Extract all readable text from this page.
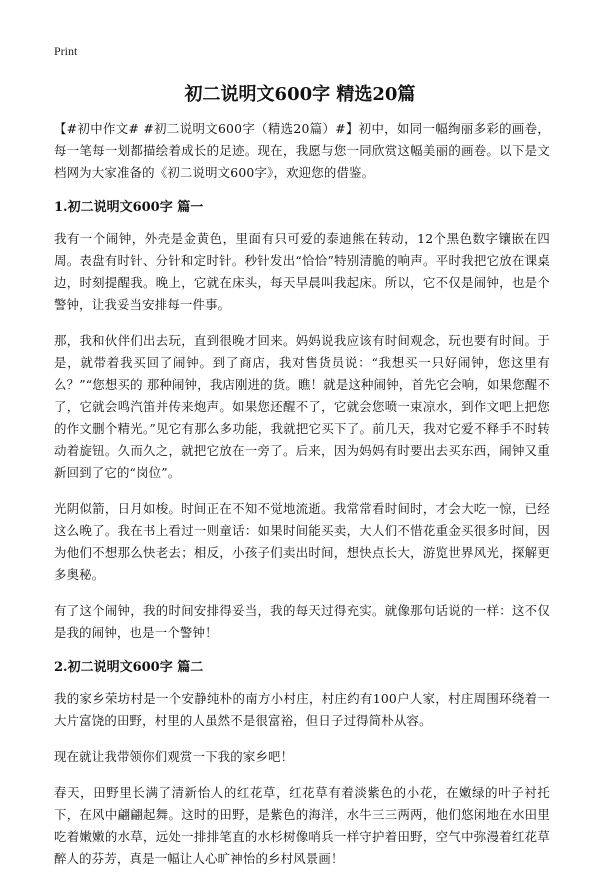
Print
初二说明文600字 精选20篇

【#初中作文# #初二说明文600字（精选20篇）#】初中，如同一幅绚丽多彩的画卷，每一笔每一划都描绘着成长的足迹。现在，我愿与您一同欣赏这幅美丽的画卷。以下是文档网为大家准备的《初二说明文600字》，欢迎您的借鉴。

1.初二说明文600字 篇一

我有一个闹钟，外壳是金黄色，里面有只可爱的泰迪熊在转动，12个黑色数字镶嵌在四周。表盘有时针、分针和定时针。秒针发出“恰恰”特别清脆的响声。平时我把它放在课桌边，时刻提醒我。晚上，它就在床头，每天早晨叫我起床。所以，它不仅是闹钟，也是个警钟，让我妥当安排每一件事。

那，我和伙伴们出去玩，直到很晚才回来。妈妈说我应该有时间观念，玩也要有时间。于是，就带着我买回了闹钟。到了商店，我对售货员说：“我想买一只好闹钟，您这里有么？”“您想买的 那种闹钟，我店刚进的货。瞧！就是这种闹钟，首先它会响，如果您醒不了，它就会鸣汽笛并传来炮声。如果您还醒不了，它就会您喷一束凉水，到作文吧上把您的作文删个精光。”见它有那么多功能，我就把它买下了。前几天，我对它爱不释手不时转动着旋钮。久而久之，就把它放在一旁了。后来，因为妈妈有时要出去买东西，闹钟又重新回到了它的“岗位”。

光阴似箭，日月如梭。时间正在不知不觉地流逝。我常常看时间时，才会大吃一惊，已经这么晚了。我在书上看过一则童话：如果时间能买卖，大人们不惜花重金买很多时间，因为他们不想那么快老去；相反，小孩子们卖出时间，想快点长大，游览世界风光，探解更多奥秘。

有了这个闹钟，我的时间安排得妥当，我的每天过得充实。就像那句话说的一样：这不仅是我的闹钟，也是一个警钟！

2.初二说明文600字 篇二

我的家乡荣坊村是一个安静纯朴的南方小村庄，村庄约有100户人家，村庄周围环绕着一大片富饶的田野，村里的人虽然不是很富裕，但日子过得简朴从容。

现在就让我带领你们观赏一下我的家乡吧！

春天，田野里长满了清新怡人的红花草，红花草有着淡紫色的小花，在嫩绿的叶子衬托下，在风中翩翩起舞。这时的田野，是紫色的海洋，水牛三三两两，他们悠闲地在水田里吃着嫩嫩的水草，远处一排排笔直的水杉树像哨兵一样守护着田野，空气中弥漫着红花草醉人的芬芳，真是一幅让人心旷神怡的乡村风景画！
